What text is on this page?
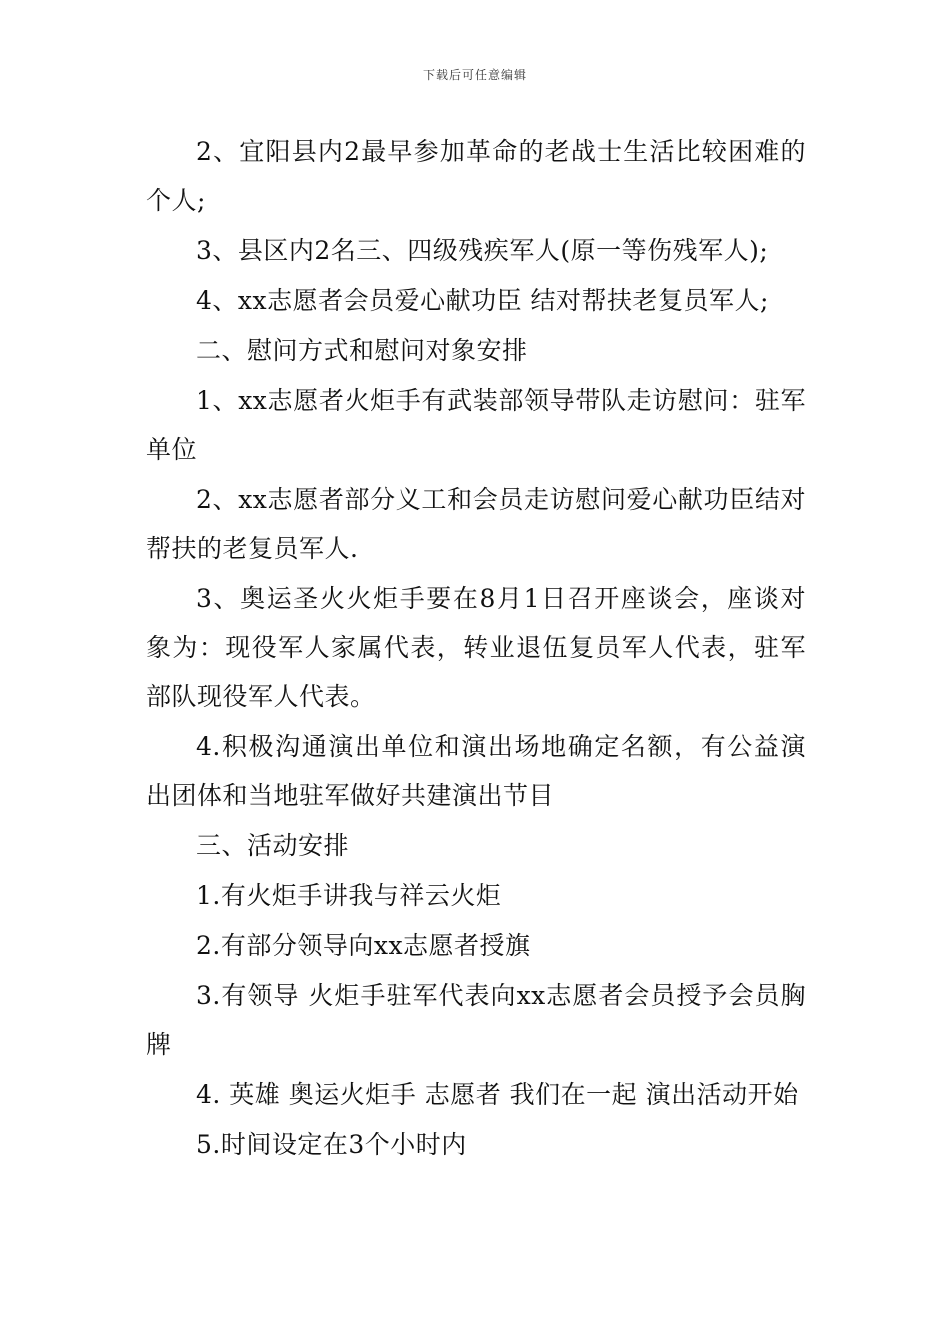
下载后可任意编辑

2、宜阳县内2最早参加革命的老战士生活比较困难的个人;

3、县区内2名三、四级残疾军人(原一等伤残军人);

4、xx志愿者会员爱心献功臣 结对帮扶老复员军人;

二、慰问方式和慰问对象安排

1、xx志愿者火炬手有武装部领导带队走访慰问：驻军单位

2、xx志愿者部分义工和会员走访慰问爱心献功臣结对帮扶的老复员军人.

3、奥运圣火火炬手要在8月1日召开座谈会，座谈对象为：现役军人家属代表，转业退伍复员军人代表，驻军部队现役军人代表。

4.积极沟通演出单位和演出场地确定名额，有公益演出团体和当地驻军做好共建演出节目

三、活动安排

1.有火炬手讲我与祥云火炬

2.有部分领导向xx志愿者授旗

3.有领导 火炬手驻军代表向xx志愿者会员授予会员胸牌

4. 英雄 奥运火炬手 志愿者 我们在一起 演出活动开始

5.时间设定在3个小时内
